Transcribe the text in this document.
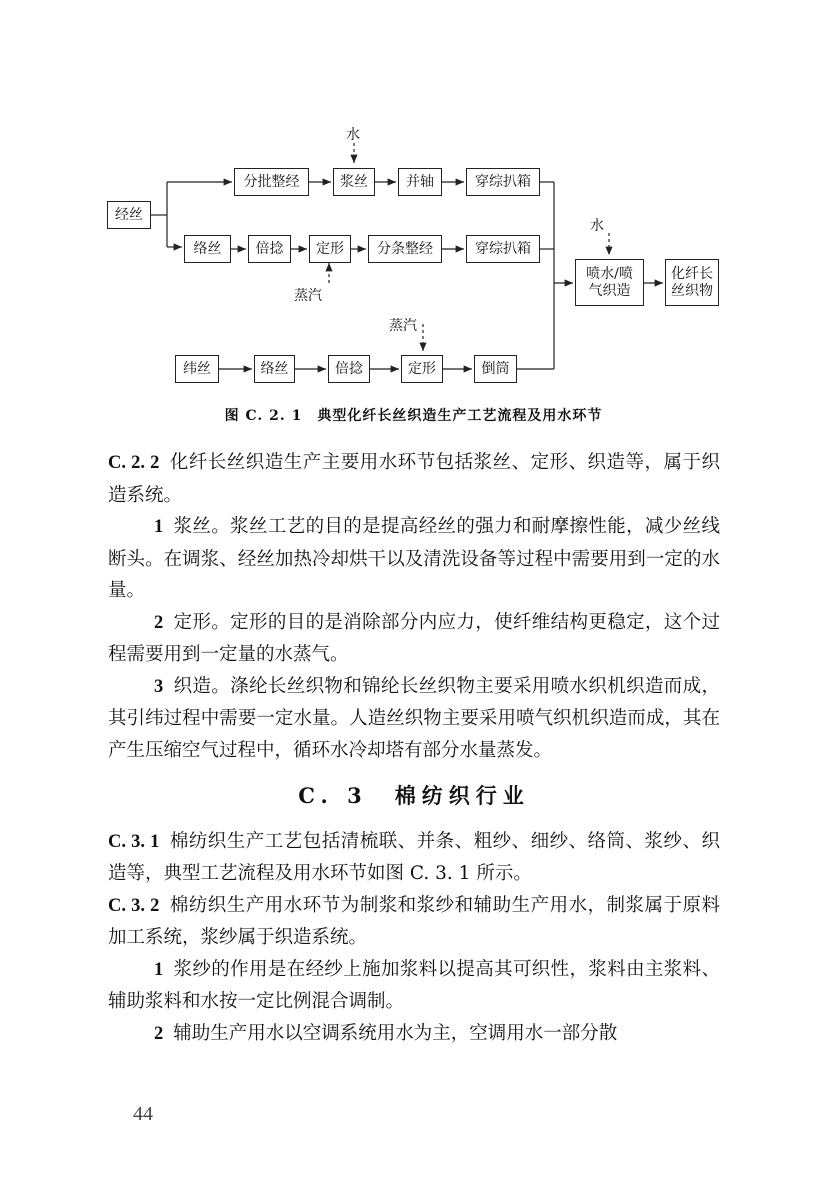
经丝
分批整经	浆丝	并轴	穿综扒箱
络丝	倍捻	定形	分条整经	穿综扒箱
纬丝	络丝	倍捻	定形	倒筒
喷水/喷气织造
化纤长丝织物
水
蒸汽
蒸汽
水
图 C. 2. 1　典型化纤长丝织造生产工艺流程及用水环节

C. 2. 2 化纤长丝织造生产主要用水环节包括浆丝、定形、织造等，属于织造系统。

1 浆丝。浆丝工艺的目的是提高经丝的强力和耐摩擦性能，减少丝线断头。在调浆、经丝加热冷却烘干以及清洗设备等过程中需要用到一定的水量。

2 定形。定形的目的是消除部分内应力，使纤维结构更稳定，这个过程需要用到一定量的水蒸气。

3 织造。涤纶长丝织物和锦纶长丝织物主要采用喷水织机织造而成，其引纬过程中需要一定水量。人造丝织物主要采用喷气织机织造而成，其在产生压缩空气过程中，循环水冷却塔有部分水量蒸发。

C. 3　棉纺织行业

C. 3. 1 棉纺织生产工艺包括清梳联、并条、粗纱、细纱、络筒、浆纱、织造等，典型工艺流程及用水环节如图 C. 3. 1 所示。

C. 3. 2 棉纺织生产用水环节为制浆和浆纱和辅助生产用水，制浆属于原料加工系统，浆纱属于织造系统。

1 浆纱的作用是在经纱上施加浆料以提高其可织性，浆料由主浆料、辅助浆料和水按一定比例混合调制。

2 辅助生产用水以空调系统用水为主，空调用水一部分散

44
